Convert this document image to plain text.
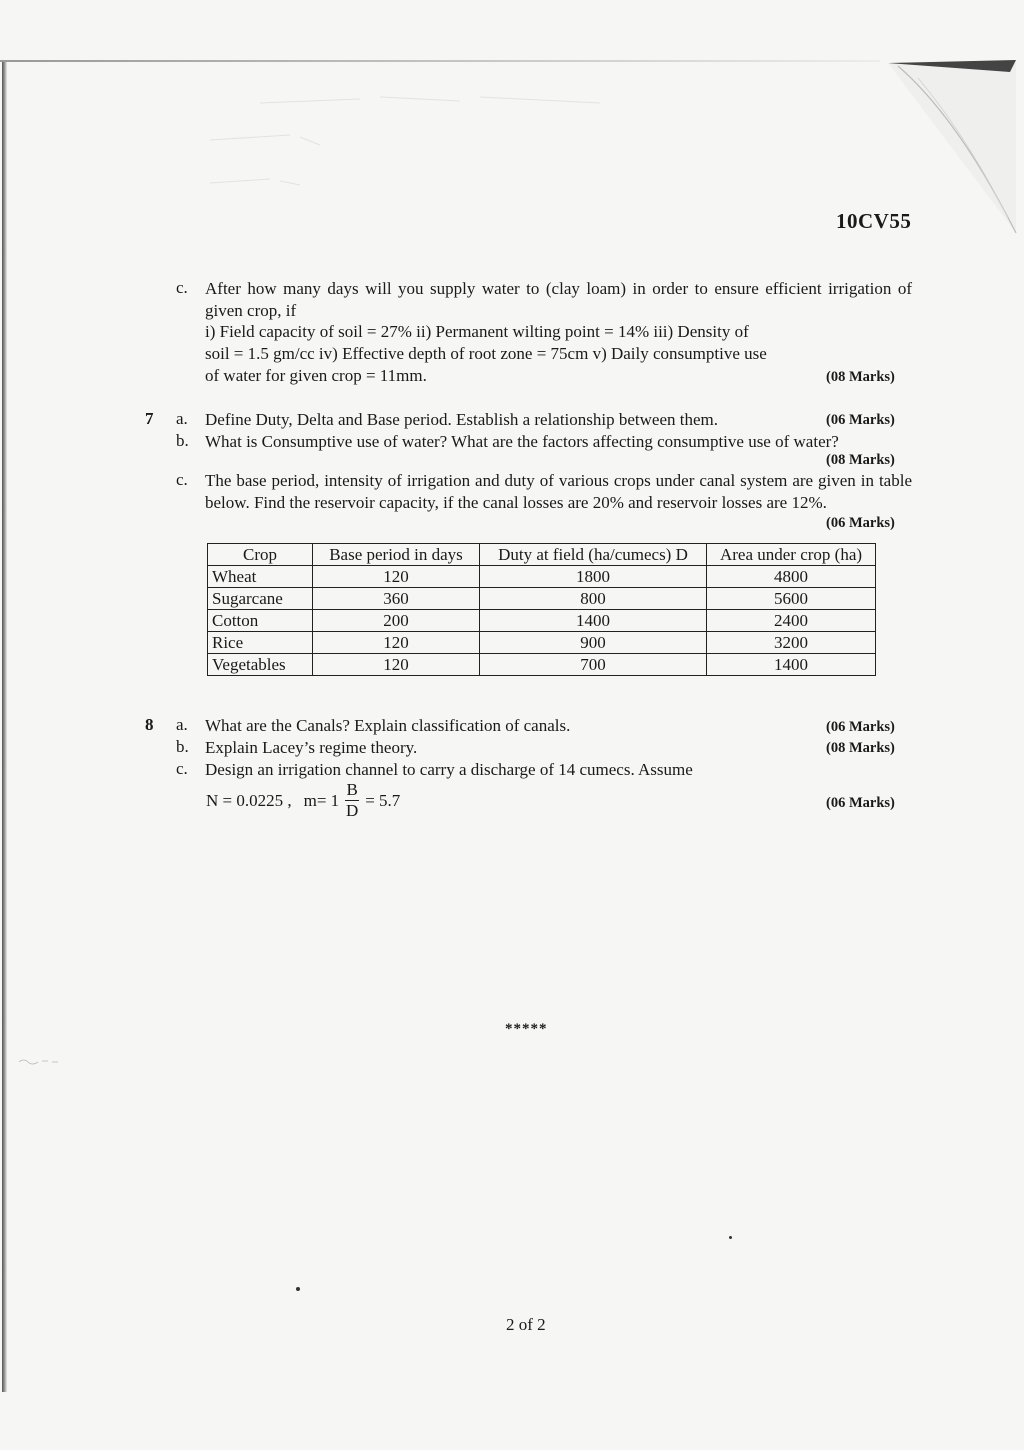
10CV55
c. After how many days will you supply water to (clay loam) in order to ensure efficient irrigation of given crop, if
i) Field capacity of soil = 27% ii) Permanent wilting point = 14% iii) Density of
soil = 1.5 gm/cc iv) Effective depth of root zone = 75cm v) Daily consumptive use
of water for given crop = 11mm.	(08 Marks)
7 a. Define Duty, Delta and Base period. Establish a relationship between them.	(06 Marks)
b. What is Consumptive use of water? What are the factors affecting consumptive use of water?
(08 Marks)
c. The base period, intensity of irrigation and duty of various crops under canal system are given in table below. Find the reservoir capacity, if the canal losses are 20% and reservoir losses are 12%.
(06 Marks)
Crop	Base period in days	Duty at field (ha/cumecs) D	Area under crop (ha)
Wheat	120	1800	4800
Sugarcane	360	800	5600
Cotton	200	1400	2400
Rice	120	900	3200
Vegetables	120	700	1400
8 a. What are the Canals? Explain classification of canals.	(06 Marks)
b. Explain Lacey’s regime theory.	(08 Marks)
c. Design an irrigation channel to carry a discharge of 14 cumecs. Assume
N = 0.0225 , $m= 1 \frac{B}{D} = 5.7$	(06 Marks)
*****
2 of 2
